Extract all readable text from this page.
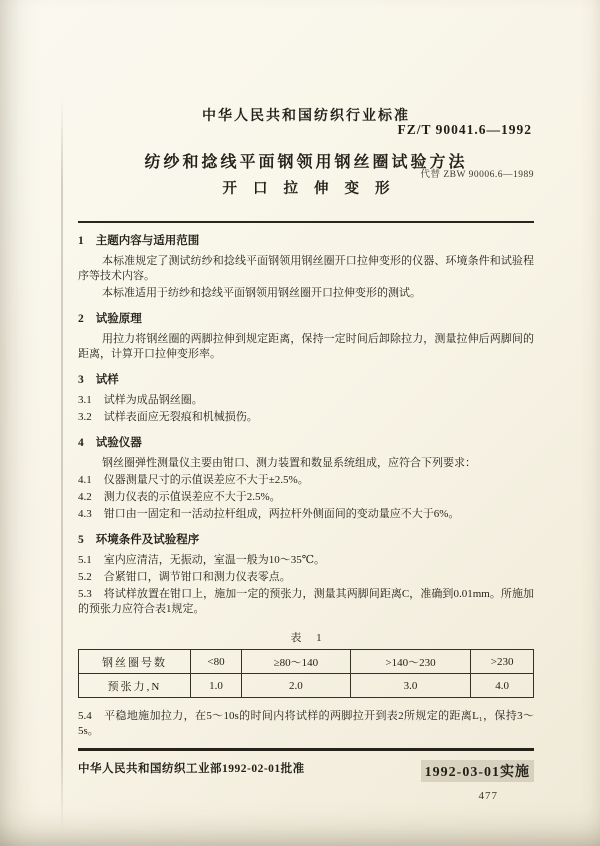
中华人民共和国纺织行业标准
FZ/T 90041.6—1992
纺纱和捻线平面钢领用钢丝圈试验方法
开口拉伸变形
代替 ZBW 90006.6—1989
1 主题内容与适用范围
本标准规定了测试纺纱和捻线平面钢领用钢丝圈开口拉伸变形的仪器、环境条件和试验程序等技术内容。
本标准适用于纺纱和捻线平面钢领用钢丝圈开口拉伸变形的测试。
2 试验原理
用拉力将钢丝圈的两脚拉伸到规定距离，保持一定时间后卸除拉力，测量拉伸后两脚间的距离，计算开口拉伸变形率。
3 试样
3.1 试样为成品钢丝圈。
3.2 试样表面应无裂痕和机械损伤。
4 试验仪器
钢丝圈弹性测量仪主要由钳口、测力装置和数显系统组成，应符合下列要求：
4.1 仪器测量尺寸的示值误差应不大于±2.5%。
4.2 测力仪表的示值误差应不大于2.5%。
4.3 钳口由一固定和一活动拉杆组成，两拉杆外侧面间的变动量应不大于6%。
5 环境条件及试验程序
5.1 室内应清洁，无振动，室温一般为10～35℃。
5.2 合紧钳口，调节钳口和测力仪表零点。
5.3 将试样放置在钳口上，施加一定的预张力，测量其两脚间距离C，准确到0.01mm。所施加的预张力应符合表1规定。
表 1
钢丝圈号数	<80	≥80～140	>140～230	>230
预张力,N	1.0	2.0	3.0	4.0
5.4 平稳地施加拉力，在5～10s的时间内将试样的两脚拉开到表2所规定的距离L₁，保持3～5s。
中华人民共和国纺织工业部1992-02-01批准	1992-03-01实施
477
